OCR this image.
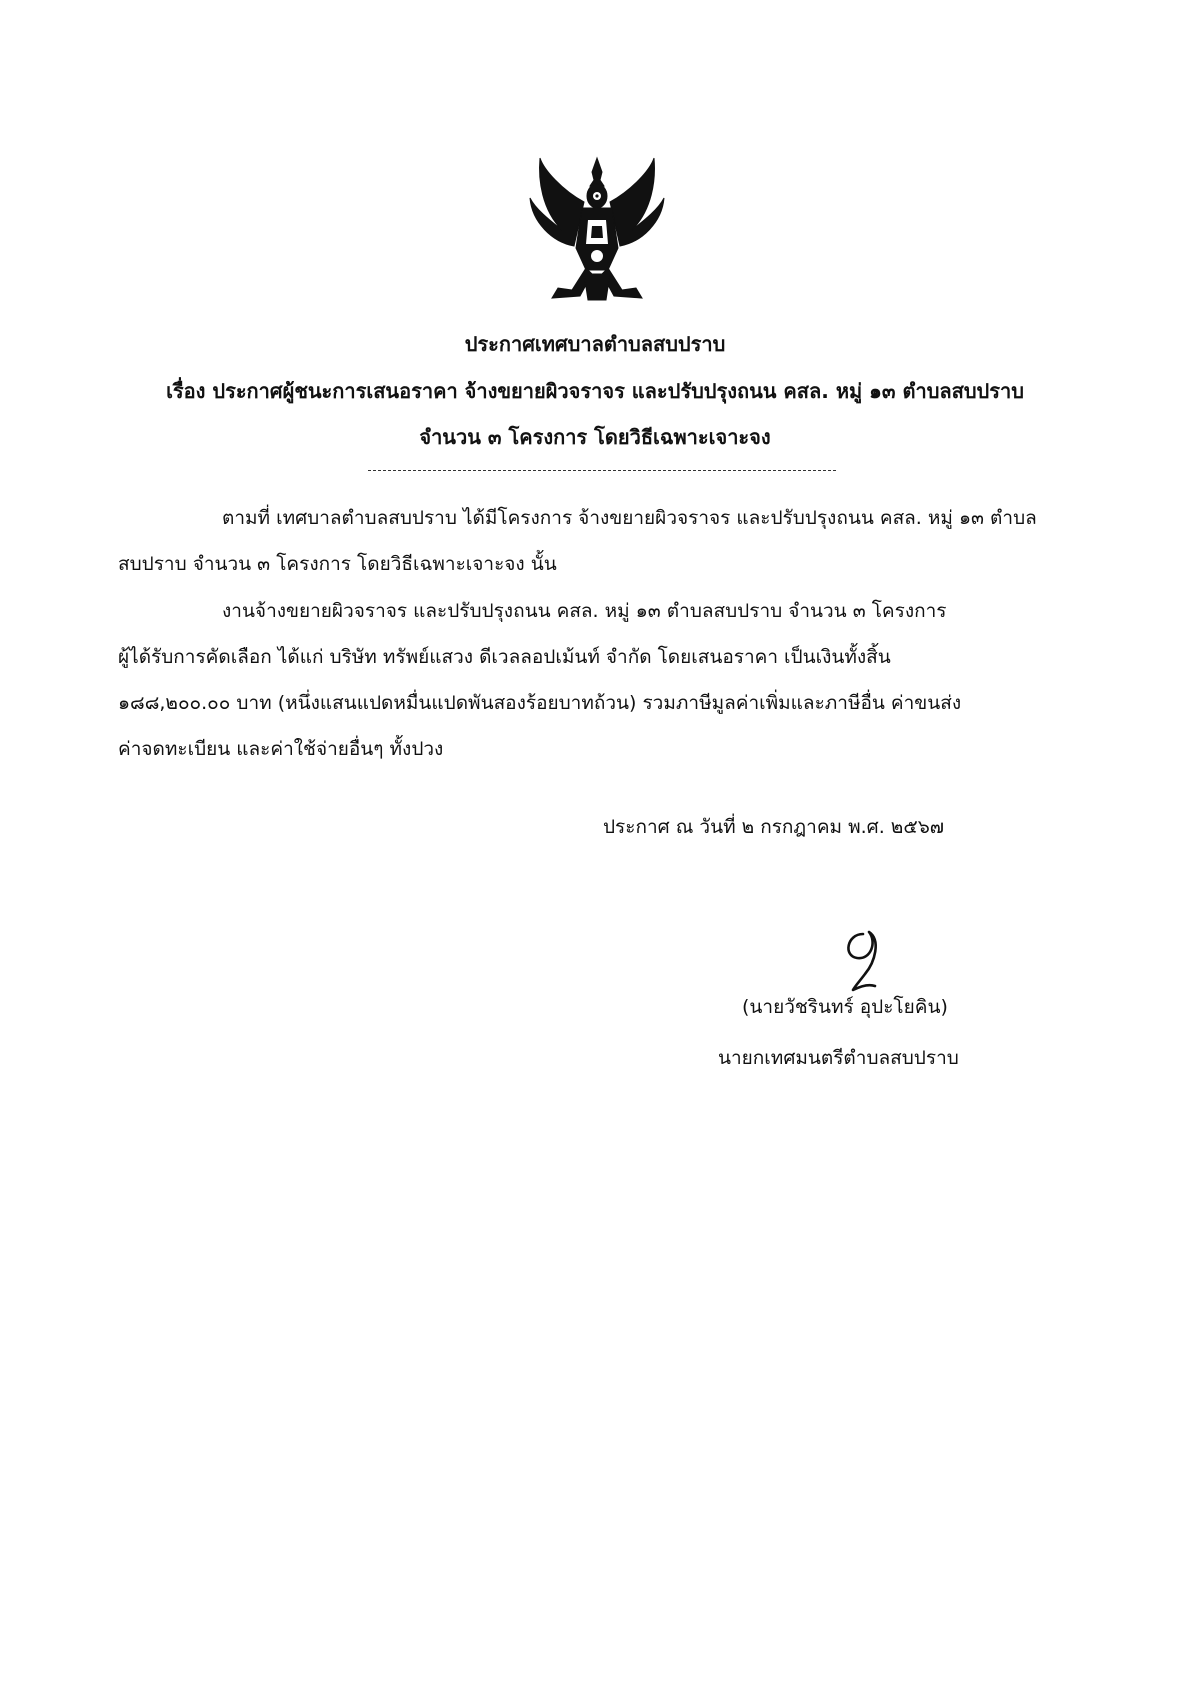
ประกาศเทศบาลตำบลสบปราบ
เรื่อง ประกาศผู้ชนะการเสนอราคา จ้างขยายผิวจราจร และปรับปรุงถนน คสล. หมู่ ๑๓ ตำบลสบปราบ
จำนวน ๓ โครงการ โดยวิธีเฉพาะเจาะจง
ตามที่ เทศบาลตำบลสบปราบ ได้มีโครงการ จ้างขยายผิวจราจร และปรับปรุงถนน คสล. หมู่ ๑๓ ตำบล
สบปราบ จำนวน ๓ โครงการ โดยวิธีเฉพาะเจาะจง นั้น
งานจ้างขยายผิวจราจร และปรับปรุงถนน คสล. หมู่ ๑๓ ตำบลสบปราบ จำนวน ๓ โครงการ
ผู้ได้รับการคัดเลือก ได้แก่ บริษัท ทรัพย์แสวง ดีเวลลอปเม้นท์ จำกัด โดยเสนอราคา เป็นเงินทั้งสิ้น
๑๘๘,๒๐๐.๐๐ บาท (หนึ่งแสนแปดหมื่นแปดพันสองร้อยบาทถ้วน) รวมภาษีมูลค่าเพิ่มและภาษีอื่น ค่าขนส่ง
ค่าจดทะเบียน และค่าใช้จ่ายอื่นๆ ทั้งปวง
ประกาศ ณ วันที่ ๒ กรกฎาคม พ.ศ. ๒๕๖๗
(นายวัชรินทร์ อุปะโยคิน)
นายกเทศมนตรีตำบลสบปราบ
